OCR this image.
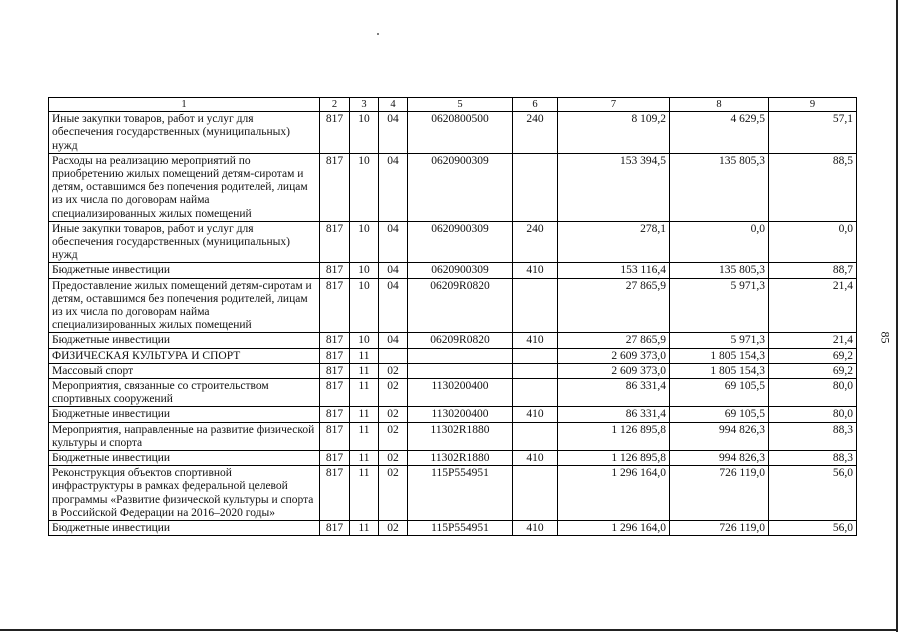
85
1	2	3	4	5	6	7	8	9
Иные закупки товаров, работ и услуг для обеспечения государственных (муниципальных) нужд	817	10	04	0620800500	240	8 109,2	4 629,5	57,1
Расходы на реализацию мероприятий по приобретению жилых помещений детям-сиротам и детям, оставшимся без попечения родителей, лицам из их числа по договорам найма специализированных жилых помещений	817	10	04	0620900309		153 394,5	135 805,3	88,5
Иные закупки товаров, работ и услуг для обеспечения государственных (муниципальных) нужд	817	10	04	0620900309	240	278,1	0,0	0,0
Бюджетные инвестиции	817	10	04	0620900309	410	153 116,4	135 805,3	88,7
Предоставление жилых помещений детям-сиротам и детям, оставшимся без попечения родителей, лицам из их числа по договорам найма специализированных жилых помещений	817	10	04	06209R0820		27 865,9	5 971,3	21,4
Бюджетные инвестиции	817	10	04	06209R0820	410	27 865,9	5 971,3	21,4
ФИЗИЧЕСКАЯ КУЛЬТУРА И СПОРТ	817	11				2 609 373,0	1 805 154,3	69,2
Массовый спорт	817	11	02			2 609 373,0	1 805 154,3	69,2
Мероприятия, связанные со строительством спортивных сооружений	817	11	02	1130200400		86 331,4	69 105,5	80,0
Бюджетные инвестиции	817	11	02	1130200400	410	86 331,4	69 105,5	80,0
Мероприятия, направленные на развитие физической культуры и спорта	817	11	02	11302R1880		1 126 895,8	994 826,3	88,3
Бюджетные инвестиции	817	11	02	11302R1880	410	1 126 895,8	994 826,3	88,3
Реконструкция объектов спортивной инфраструктуры в рамках федеральной целевой программы «Развитие физической культуры и спорта в Российской Федерации на 2016–2020 годы»	817	11	02	115P554951		1 296 164,0	726 119,0	56,0
Бюджетные инвестиции	817	11	02	115P554951	410	1 296 164,0	726 119,0	56,0
